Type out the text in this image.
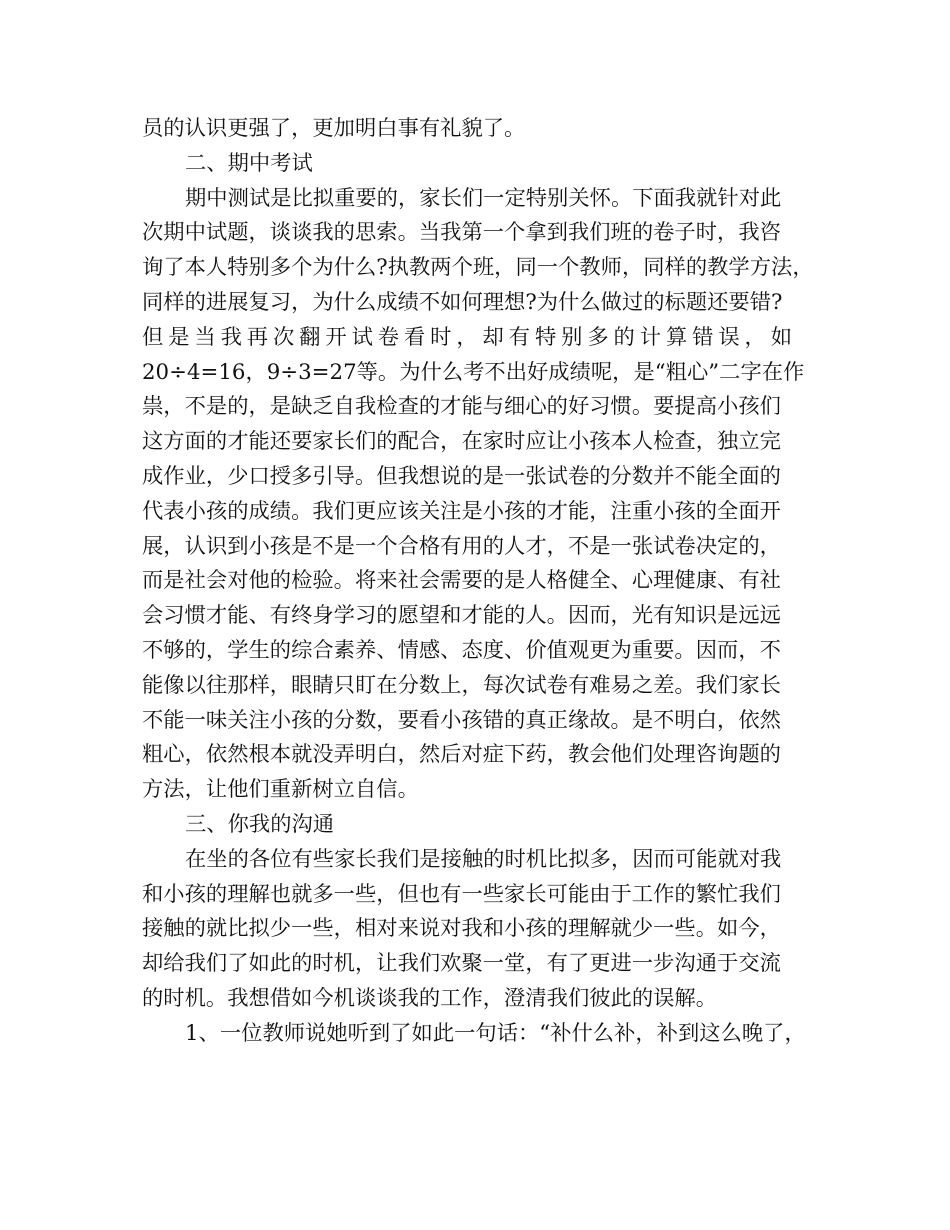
员的认识更强了，更加明白事有礼貌了。
二、期中考试
期中测试是比拟重要的，家长们一定特别关怀。下面我就针对此
次期中试题，谈谈我的思索。当我第一个拿到我们班的卷子时，我咨
询了本人特别多个为什么?执教两个班，同一个教师，同样的教学方法，
同样的进展复习，为什么成绩不如何理想?为什么做过的标题还要错?
但是当我再次翻开试卷看时，却有特别多的计算错误，如
20÷4=16，9÷3=27等。为什么考不出好成绩呢，是“粗心”二字在作
祟，不是的，是缺乏自我检查的才能与细心的好习惯。要提高小孩们
这方面的才能还要家长们的配合，在家时应让小孩本人检查，独立完
成作业，少口授多引导。但我想说的是一张试卷的分数并不能全面的
代表小孩的成绩。我们更应该关注是小孩的才能，注重小孩的全面开
展，认识到小孩是不是一个合格有用的人才，不是一张试卷决定的，
而是社会对他的检验。将来社会需要的是人格健全、心理健康、有社
会习惯才能、有终身学习的愿望和才能的人。因而，光有知识是远远
不够的，学生的综合素养、情感、态度、价值观更为重要。因而，不
能像以往那样，眼睛只盯在分数上，每次试卷有难易之差。我们家长
不能一味关注小孩的分数，要看小孩错的真正缘故。是不明白，依然
粗心，依然根本就没弄明白，然后对症下药，教会他们处理咨询题的
方法，让他们重新树立自信。
三、你我的沟通
在坐的各位有些家长我们是接触的时机比拟多，因而可能就对我
和小孩的理解也就多一些，但也有一些家长可能由于工作的繁忙我们
接触的就比拟少一些，相对来说对我和小孩的理解就少一些。如今，
却给我们了如此的时机，让我们欢聚一堂，有了更进一步沟通于交流
的时机。我想借如今机谈谈我的工作，澄清我们彼此的误解。
1、一位教师说她听到了如此一句话：“补什么补，补到这么晚了，
